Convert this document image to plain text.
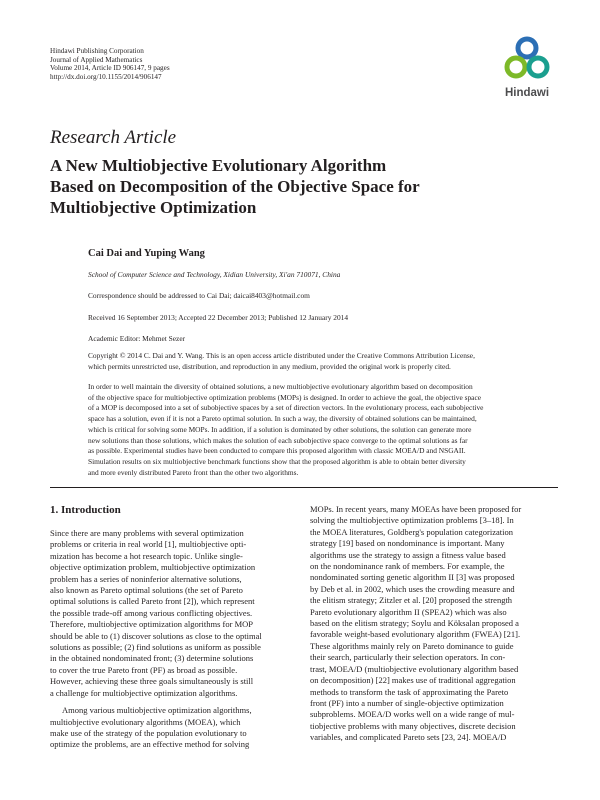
Hindawi Publishing Corporation
Journal of Applied Mathematics
Volume 2014, Article ID 906147, 9 pages
http://dx.doi.org/10.1155/2014/906147
Hindawi
Research Article
A New Multiobjective Evolutionary Algorithm
Based on Decomposition of the Objective Space for
Multiobjective Optimization
Cai Dai and Yuping Wang
School of Computer Science and Technology, Xidian University, Xi'an 710071, China
Correspondence should be addressed to Cai Dai; daicai8403@hotmail.com
Received 16 September 2013; Accepted 22 December 2013; Published 12 January 2014
Academic Editor: Mehmet Sezer
Copyright © 2014 C. Dai and Y. Wang. This is an open access article distributed under the Creative Commons Attribution License,
which permits unrestricted use, distribution, and reproduction in any medium, provided the original work is properly cited.
In order to well maintain the diversity of obtained solutions, a new multiobjective evolutionary algorithm based on decomposition
of the objective space for multiobjective optimization problems (MOPs) is designed. In order to achieve the goal, the objective space
of a MOP is decomposed into a set of subobjective spaces by a set of direction vectors. In the evolutionary process, each subobjective
space has a solution, even if it is not a Pareto optimal solution. In such a way, the diversity of obtained solutions can be maintained,
which is critical for solving some MOPs. In addition, if a solution is dominated by other solutions, the solution can generate more
new solutions than those solutions, which makes the solution of each subobjective space converge to the optimal solutions as far
as possible. Experimental studies have been conducted to compare this proposed algorithm with classic MOEA/D and NSGAII.
Simulation results on six multiobjective benchmark functions show that the proposed algorithm is able to obtain better diversity
and more evenly distributed Pareto front than the other two algorithms.
1. Introduction
Since there are many problems with several optimization
problems or criteria in real world [1], multiobjective opti-
mization has become a hot research topic. Unlike single-
objective optimization problem, multiobjective optimization
problem has a series of noninferior alternative solutions,
also known as Pareto optimal solutions (the set of Pareto
optimal solutions is called Pareto front [2]), which represent
the possible trade-off among various conflicting objectives.
Therefore, multiobjective optimization algorithms for MOP
should be able to (1) discover solutions as close to the optimal
solutions as possible; (2) find solutions as uniform as possible
in the obtained nondominated front; (3) determine solutions
to cover the true Pareto front (PF) as broad as possible.
However, achieving these three goals simultaneously is still
a challenge for multiobjective optimization algorithms.
Among various multiobjective optimization algorithms,
multiobjective evolutionary algorithms (MOEA), which
make use of the strategy of the population evolutionary to
optimize the problems, are an effective method for solving
MOPs. In recent years, many MOEAs have been proposed for
solving the multiobjective optimization problems [3–18]. In
the MOEA literatures, Goldberg's population categorization
strategy [19] based on nondominance is important. Many
algorithms use the strategy to assign a fitness value based
on the nondominance rank of members. For example, the
nondominated sorting genetic algorithm II [3] was proposed
by Deb et al. in 2002, which uses the crowding measure and
the elitism strategy; Zitzler et al. [20] proposed the strength
Pareto evolutionary algorithm II (SPEA2) which was also
based on the elitism strategy; Soylu and Köksalan proposed a
favorable weight-based evolutionary algorithm (FWEA) [21].
These algorithms mainly rely on Pareto dominance to guide
their search, particularly their selection operators. In con-
trast, MOEA/D (multiobjective evolutionary algorithm based
on decomposition) [22] makes use of traditional aggregation
methods to transform the task of approximating the Pareto
front (PF) into a number of single-objective optimization
subproblems. MOEA/D works well on a wide range of mul-
tiobjective problems with many objectives, discrete decision
variables, and complicated Pareto sets [23, 24]. MOEA/D
